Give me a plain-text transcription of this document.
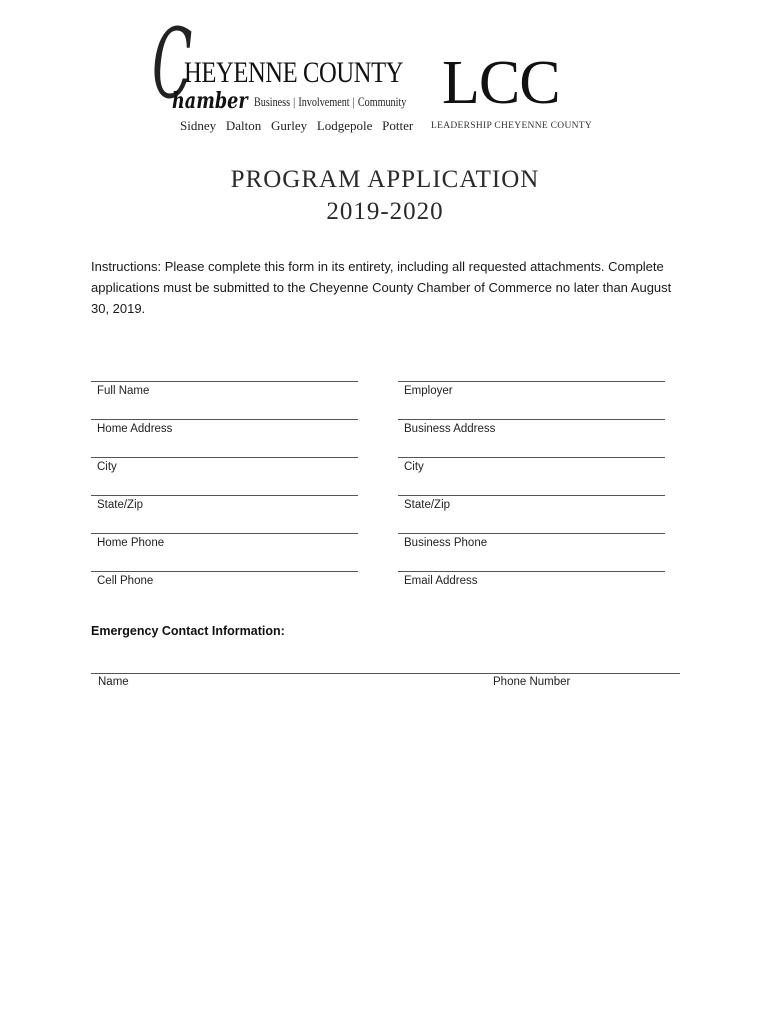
C
HEYENNE COUNTY
hamber Business | Involvement | Community
Sidney   Dalton   Gurley   Lodgepole   Potter
LCC
LEADERSHIP CHEYENNE COUNTY
PROGRAM APPLICATION
2019-2020
Instructions: Please complete this form in its entirety, including all requested attachments. Complete applications must be submitted to the Cheyenne County Chamber of Commerce no later than August 30, 2019.
Full Name
Home Address
City
State/Zip
Home Phone
Cell Phone
Employer
Business Address
City
State/Zip
Business Phone
Email Address
Emergency Contact Information:
Name	Phone Number
